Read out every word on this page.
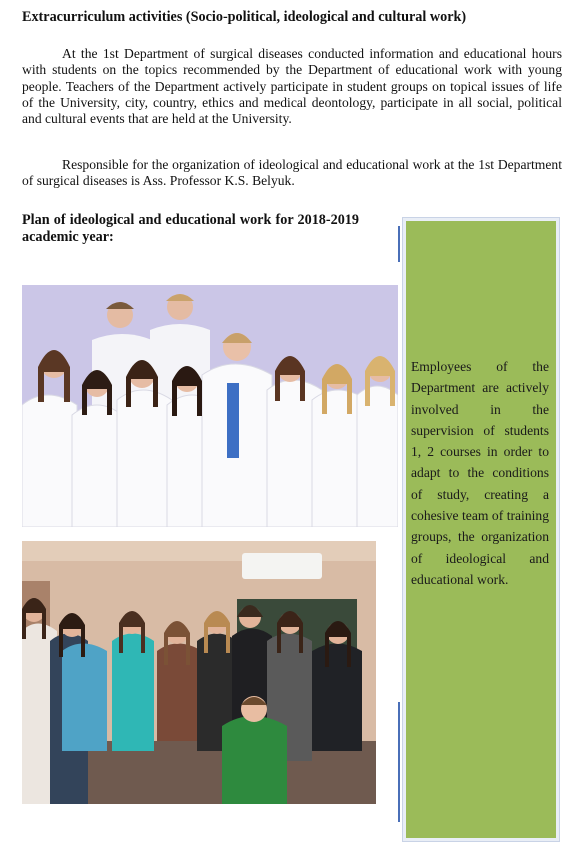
Extracurriculum activities (Socio-political, ideological and cultural work)

At the 1st Department of surgical diseases conducted information and educational hours with students on the topics recommended by the Department of educational work with young people. Teachers of the Department actively participate in student groups on topical issues of life of the University, city, country, ethics and medical deontology, participate in all social, political and cultural events that are held at the University.

Responsible for the organization of ideological and educational work at the 1st Department of surgical diseases is Ass. Professor K.S. Belyuk.

Plan of ideological and educational work for 2018-2019 academic year:
Employees of the Department are actively involved in the supervision of students 1, 2 courses in order to adapt to the conditions of study, creating a cohesive team of training groups, the organization of ideological and educational work.
